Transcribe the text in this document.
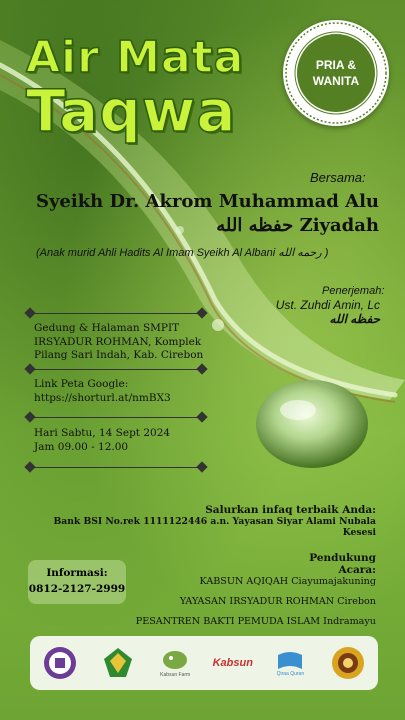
Air Mata
Taqwa
PRIA & WANITA
Bersama:
Syeikh Dr. Akrom Muhammad Alu
حفظه الله Ziyadah
(Anak murid Ahli Hadits Al Imam Syeikh Al Albani رحمه الله )
Penerjemah:
Ust. Zuhdi Amin, Lc
حفظه الله
Gedung & Halaman SMPIT IRSYADUR ROHMAN, Komplek Pilang Sari Indah, Kab. Cirebon
Link Peta Google:
https://shorturl.at/nmBX3
Hari Sabtu, 14 Sept 2024
Jam 09.00 - 12.00
Salurkan infaq terbaik Anda:
Bank BSI No.rek 1111122446 a.n. Yayasan Siyar Alami Nubala Kesesi
Informasi:
0812-2127-2999
Pendukung Acara:
KABSUN AQIQAH Ciayumajakuning
YAYASAN IRSYADUR ROHMAN Cirebon
PESANTREN BAKTI PEMUDA ISLAM Indramayu
Kabsun Farm
Kabsun
Qiraa Quran
